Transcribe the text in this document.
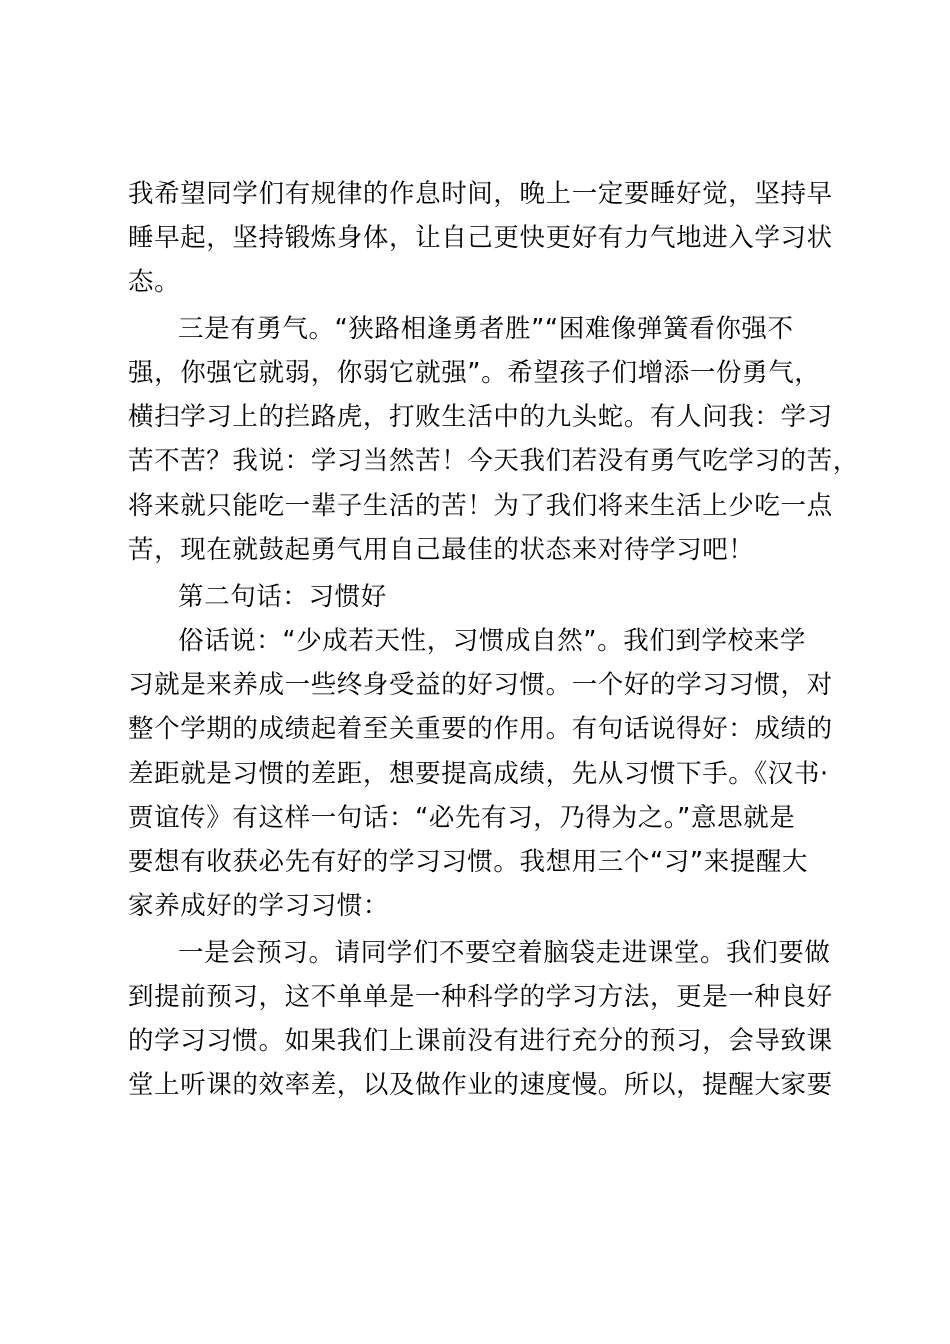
我希望同学们有规律的作息时间，晚上一定要睡好觉，坚持早
睡早起，坚持锻炼身体，让自己更快更好有力气地进入学习状
态。
三是有勇气。“狭路相逢勇者胜”“困难像弹簧看你强不
强，你强它就弱，你弱它就强”。希望孩子们增添一份勇气，
横扫学习上的拦路虎，打败生活中的九头蛇。有人问我：学习
苦不苦？我说：学习当然苦！今天我们若没有勇气吃学习的苦，
将来就只能吃一辈子生活的苦！为了我们将来生活上少吃一点
苦，现在就鼓起勇气用自己最佳的状态来对待学习吧！
第二句话：习惯好
俗话说：“少成若天性，习惯成自然”。我们到学校来学
习就是来养成一些终身受益的好习惯。一个好的学习习惯，对
整个学期的成绩起着至关重要的作用。有句话说得好：成绩的
差距就是习惯的差距，想要提高成绩，先从习惯下手。《汉书·
贾谊传》有这样一句话：“必先有习，乃得为之。”意思就是
要想有收获必先有好的学习习惯。我想用三个“习”来提醒大
家养成好的学习习惯：
一是会预习。请同学们不要空着脑袋走进课堂。我们要做
到提前预习，这不单单是一种科学的学习方法，更是一种良好
的学习习惯。如果我们上课前没有进行充分的预习，会导致课
堂上听课的效率差，以及做作业的速度慢。所以，提醒大家要
